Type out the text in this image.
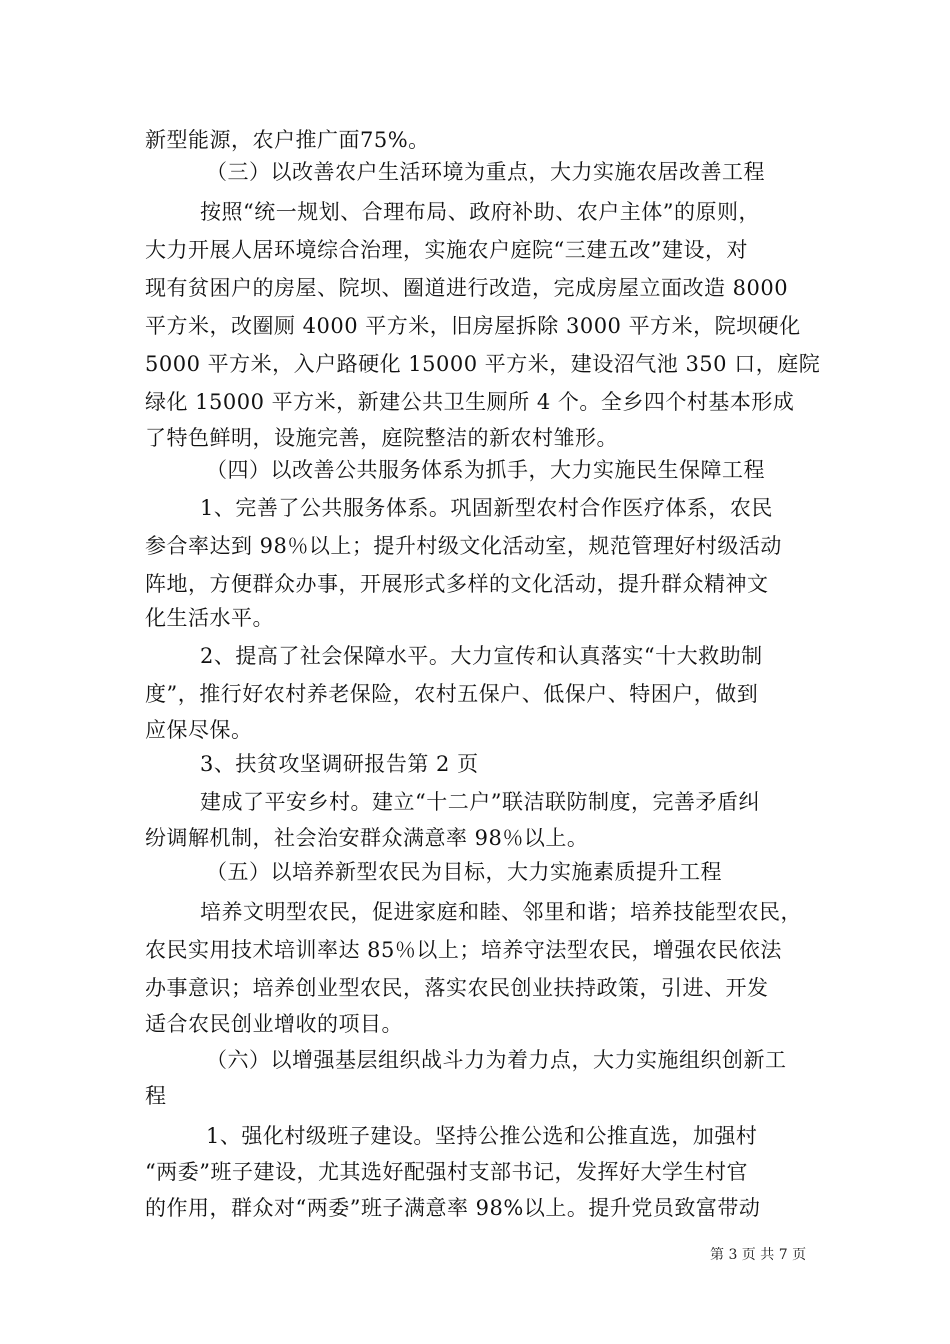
新型能源，农户推广面75%。
（三）以改善农户生活环境为重点，大力实施农居改善工程
按照“统一规划、合理布局、政府补助、农户主体”的原则，
大力开展人居环境综合治理，实施农户庭院“三建五改”建设，对
现有贫困户的房屋、院坝、圈道进行改造，完成房屋立面改造 8000
平方米，改圈厕 4000 平方米，旧房屋拆除 3000 平方米，院坝硬化
5000 平方米，入户路硬化 15000 平方米，建设沼气池 350 口，庭院
绿化 15000 平方米，新建公共卫生厕所 4 个。全乡四个村基本形成
了特色鲜明，设施完善，庭院整洁的新农村雏形。
（四）以改善公共服务体系为抓手，大力实施民生保障工程
1、完善了公共服务体系。巩固新型农村合作医疗体系，农民
参合率达到 98％以上；提升村级文化活动室，规范管理好村级活动
阵地，方便群众办事，开展形式多样的文化活动，提升群众精神文
化生活水平。
2、提高了社会保障水平。大力宣传和认真落实“十大救助制
度”，推行好农村养老保险，农村五保户、低保户、特困户，做到
应保尽保。
3、扶贫攻坚调研报告第 2 页
建成了平安乡村。建立“十二户”联洁联防制度，完善矛盾纠
纷调解机制，社会治安群众满意率 98％以上。
（五）以培养新型农民为目标，大力实施素质提升工程
培养文明型农民，促进家庭和睦、邻里和谐；培养技能型农民，
农民实用技术培训率达 85％以上；培养守法型农民，增强农民依法
办事意识；培养创业型农民，落实农民创业扶持政策，引进、开发
适合农民创业增收的项目。
（六）以增强基层组织战斗力为着力点，大力实施组织创新工
程
1、强化村级班子建设。坚持公推公选和公推直选，加强村
“两委”班子建设，尤其选好配强村支部书记，发挥好大学生村官
的作用，群众对“两委”班子满意率 98%以上。提升党员致富带动
第 3 页 共 7 页
